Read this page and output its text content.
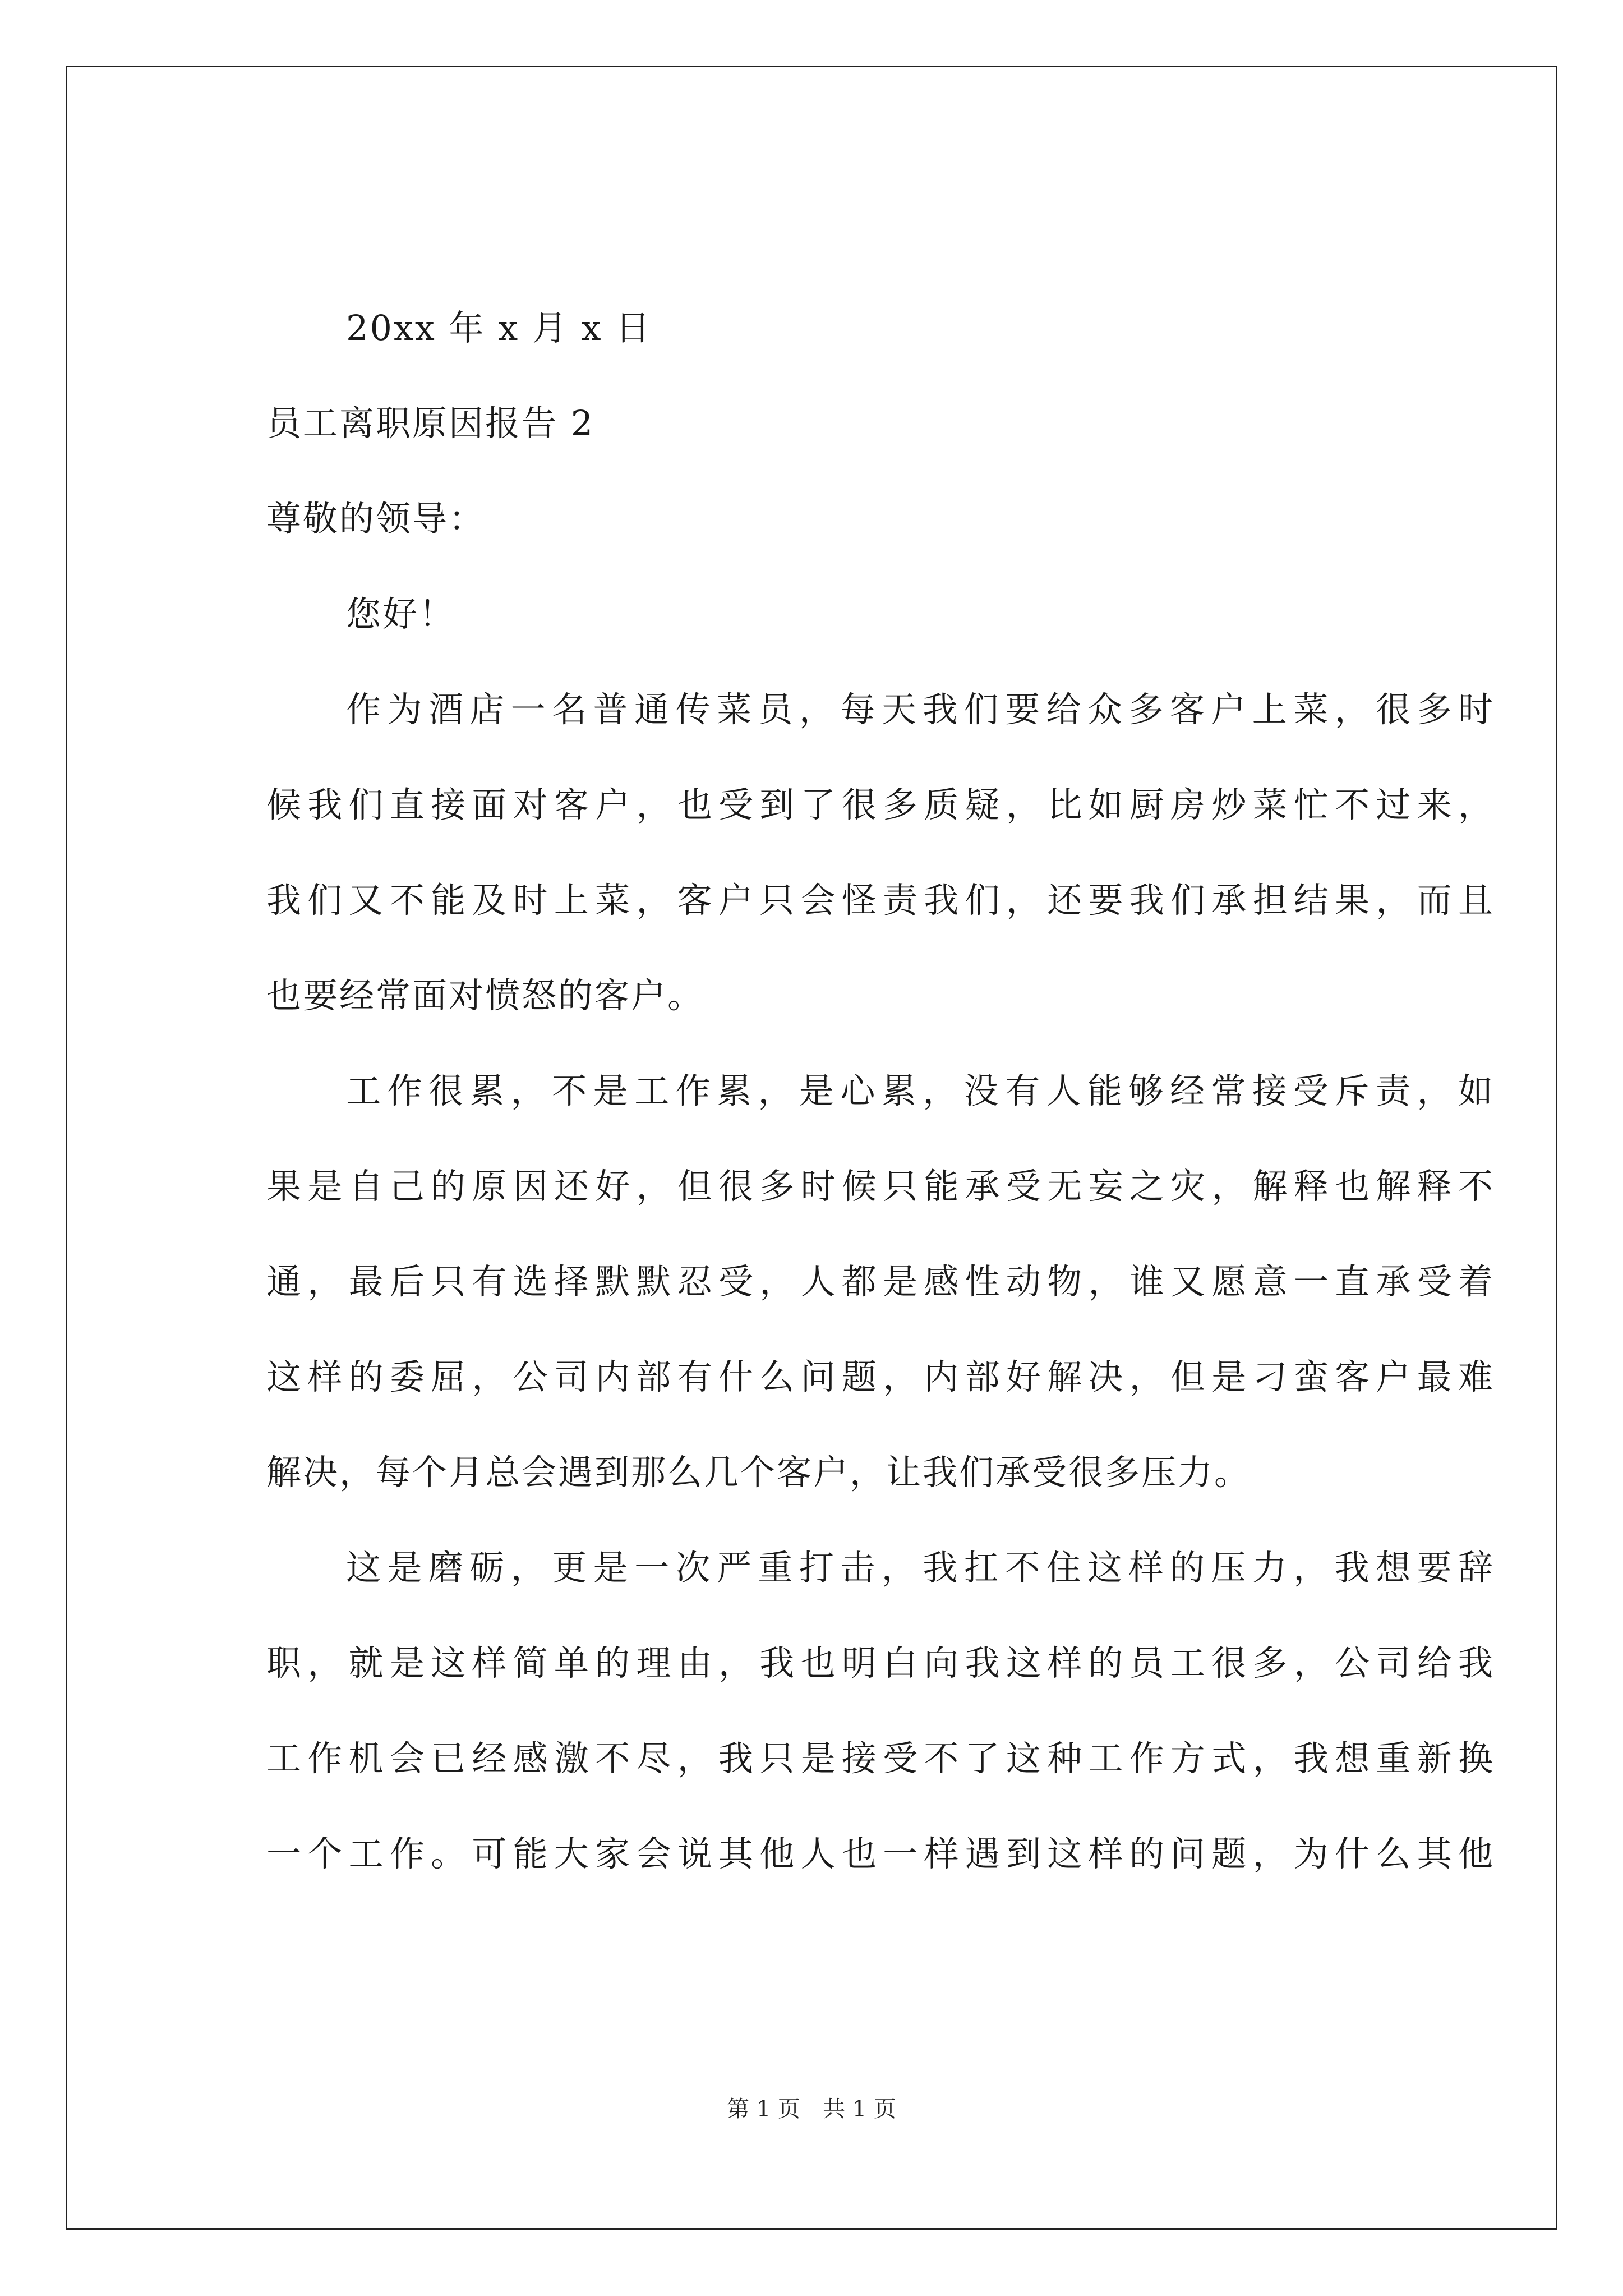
20xx 年 x 月 x 日
员工离职原因报告 2
尊敬的领导：
您好！
作为酒店一名普通传菜员，每天我们要给众多客户上菜，很多时
候我们直接面对客户，也受到了很多质疑，比如厨房炒菜忙不过来，
我们又不能及时上菜，客户只会怪责我们，还要我们承担结果，而且
也要经常面对愤怒的客户。
工作很累，不是工作累，是心累，没有人能够经常接受斥责，如
果是自己的原因还好，但很多时候只能承受无妄之灾，解释也解释不
通，最后只有选择默默忍受，人都是感性动物，谁又愿意一直承受着
这样的委屈，公司内部有什么问题，内部好解决，但是刁蛮客户最难
解决，每个月总会遇到那么几个客户，让我们承受很多压力。
这是磨砺，更是一次严重打击，我扛不住这样的压力，我想要辞
职，就是这样简单的理由，我也明白向我这样的员工很多，公司给我
工作机会已经感激不尽，我只是接受不了这种工作方式，我想重新换
一个工作。可能大家会说其他人也一样遇到这样的问题，为什么其他
第 1 页 共 1 页
